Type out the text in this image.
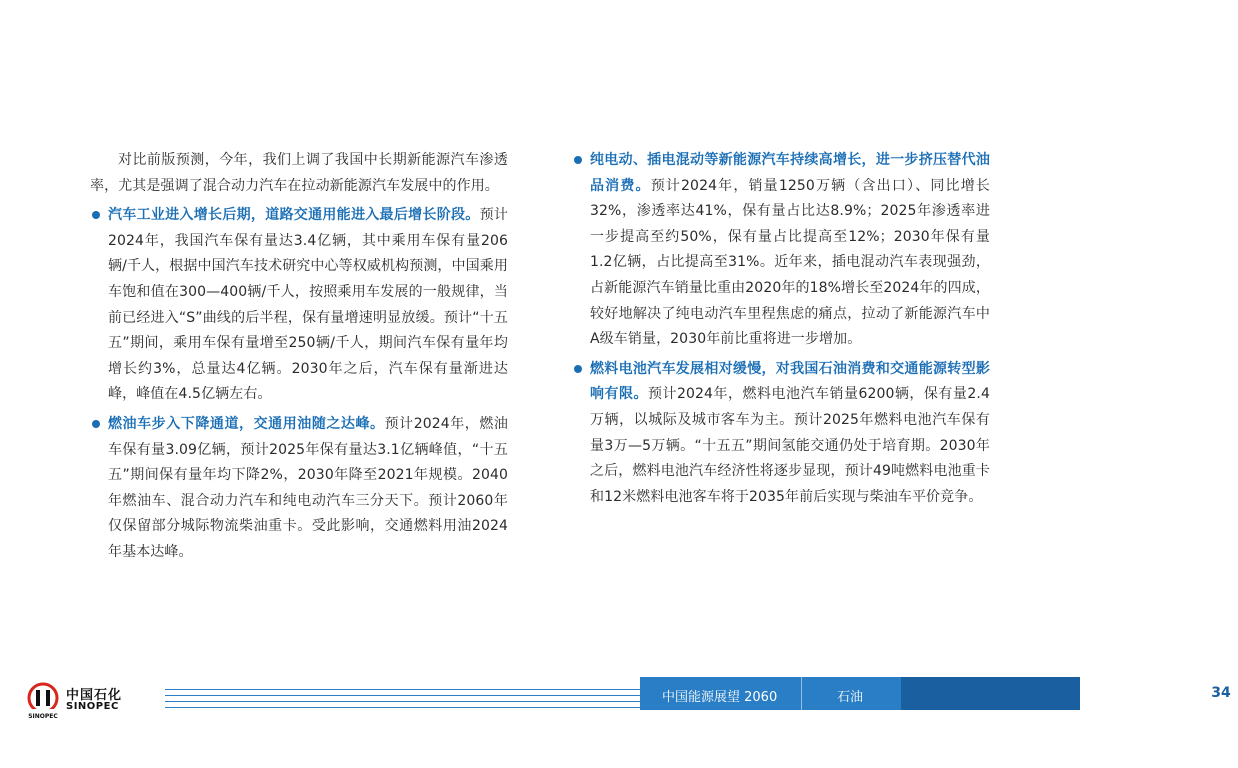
对比前版预测，今年，我们上调了我国中长期新能源汽车渗透率，尤其是强调了混合动力汽车在拉动新能源汽车发展中的作用。

汽车工业进入增长后期，道路交通用能进入最后增长阶段。预计2024年，我国汽车保有量达3.4亿辆，其中乘用车保有量206辆/千人，根据中国汽车技术研究中心等权威机构预测，中国乘用车饱和值在300—400辆/千人，按照乘用车发展的一般规律，当前已经进入“S”曲线的后半程，保有量增速明显放缓。预计“十五五”期间，乘用车保有量增至250辆/千人，期间汽车保有量年均增长约3%，总量达4亿辆。2030年之后，汽车保有量渐进达峰，峰值在4.5亿辆左右。

燃油车步入下降通道，交通用油随之达峰。预计2024年，燃油车保有量3.09亿辆，预计2025年保有量达3.1亿辆峰值，“十五五”期间保有量年均下降2%，2030年降至2021年规模。2040年燃油车、混合动力汽车和纯电动汽车三分天下。预计2060年仅保留部分城际物流柴油重卡。受此影响，交通燃料用油2024年基本达峰。

纯电动、插电混动等新能源汽车持续高增长，进一步挤压替代油品消费。预计2024年，销量1250万辆（含出口）、同比增长32%，渗透率达41%，保有量占比达8.9%；2025年渗透率进一步提高至约50%，保有量占比提高至12%；2030年保有量1.2亿辆，占比提高至31%。近年来，插电混动汽车表现强劲，占新能源汽车销量比重由2020年的18%增长至2024年的四成，较好地解决了纯电动汽车里程焦虑的痛点，拉动了新能源汽车中A级车销量，2030年前比重将进一步增加。

燃料电池汽车发展相对缓慢，对我国石油消费和交通能源转型影响有限。预计2024年，燃料电池汽车销量6200辆，保有量2.4万辆，以城际及城市客车为主。预计2025年燃料电池汽车保有量3万—5万辆。“十五五”期间氢能交通仍处于培育期。2030年之后，燃料电池汽车经济性将逐步显现，预计49吨燃料电池重卡和12米燃料电池客车将于2035年前后实现与柴油车平价竞争。

SINOPEC
中国石化
SINOPEC
中国能源展望 2060	石油	34
